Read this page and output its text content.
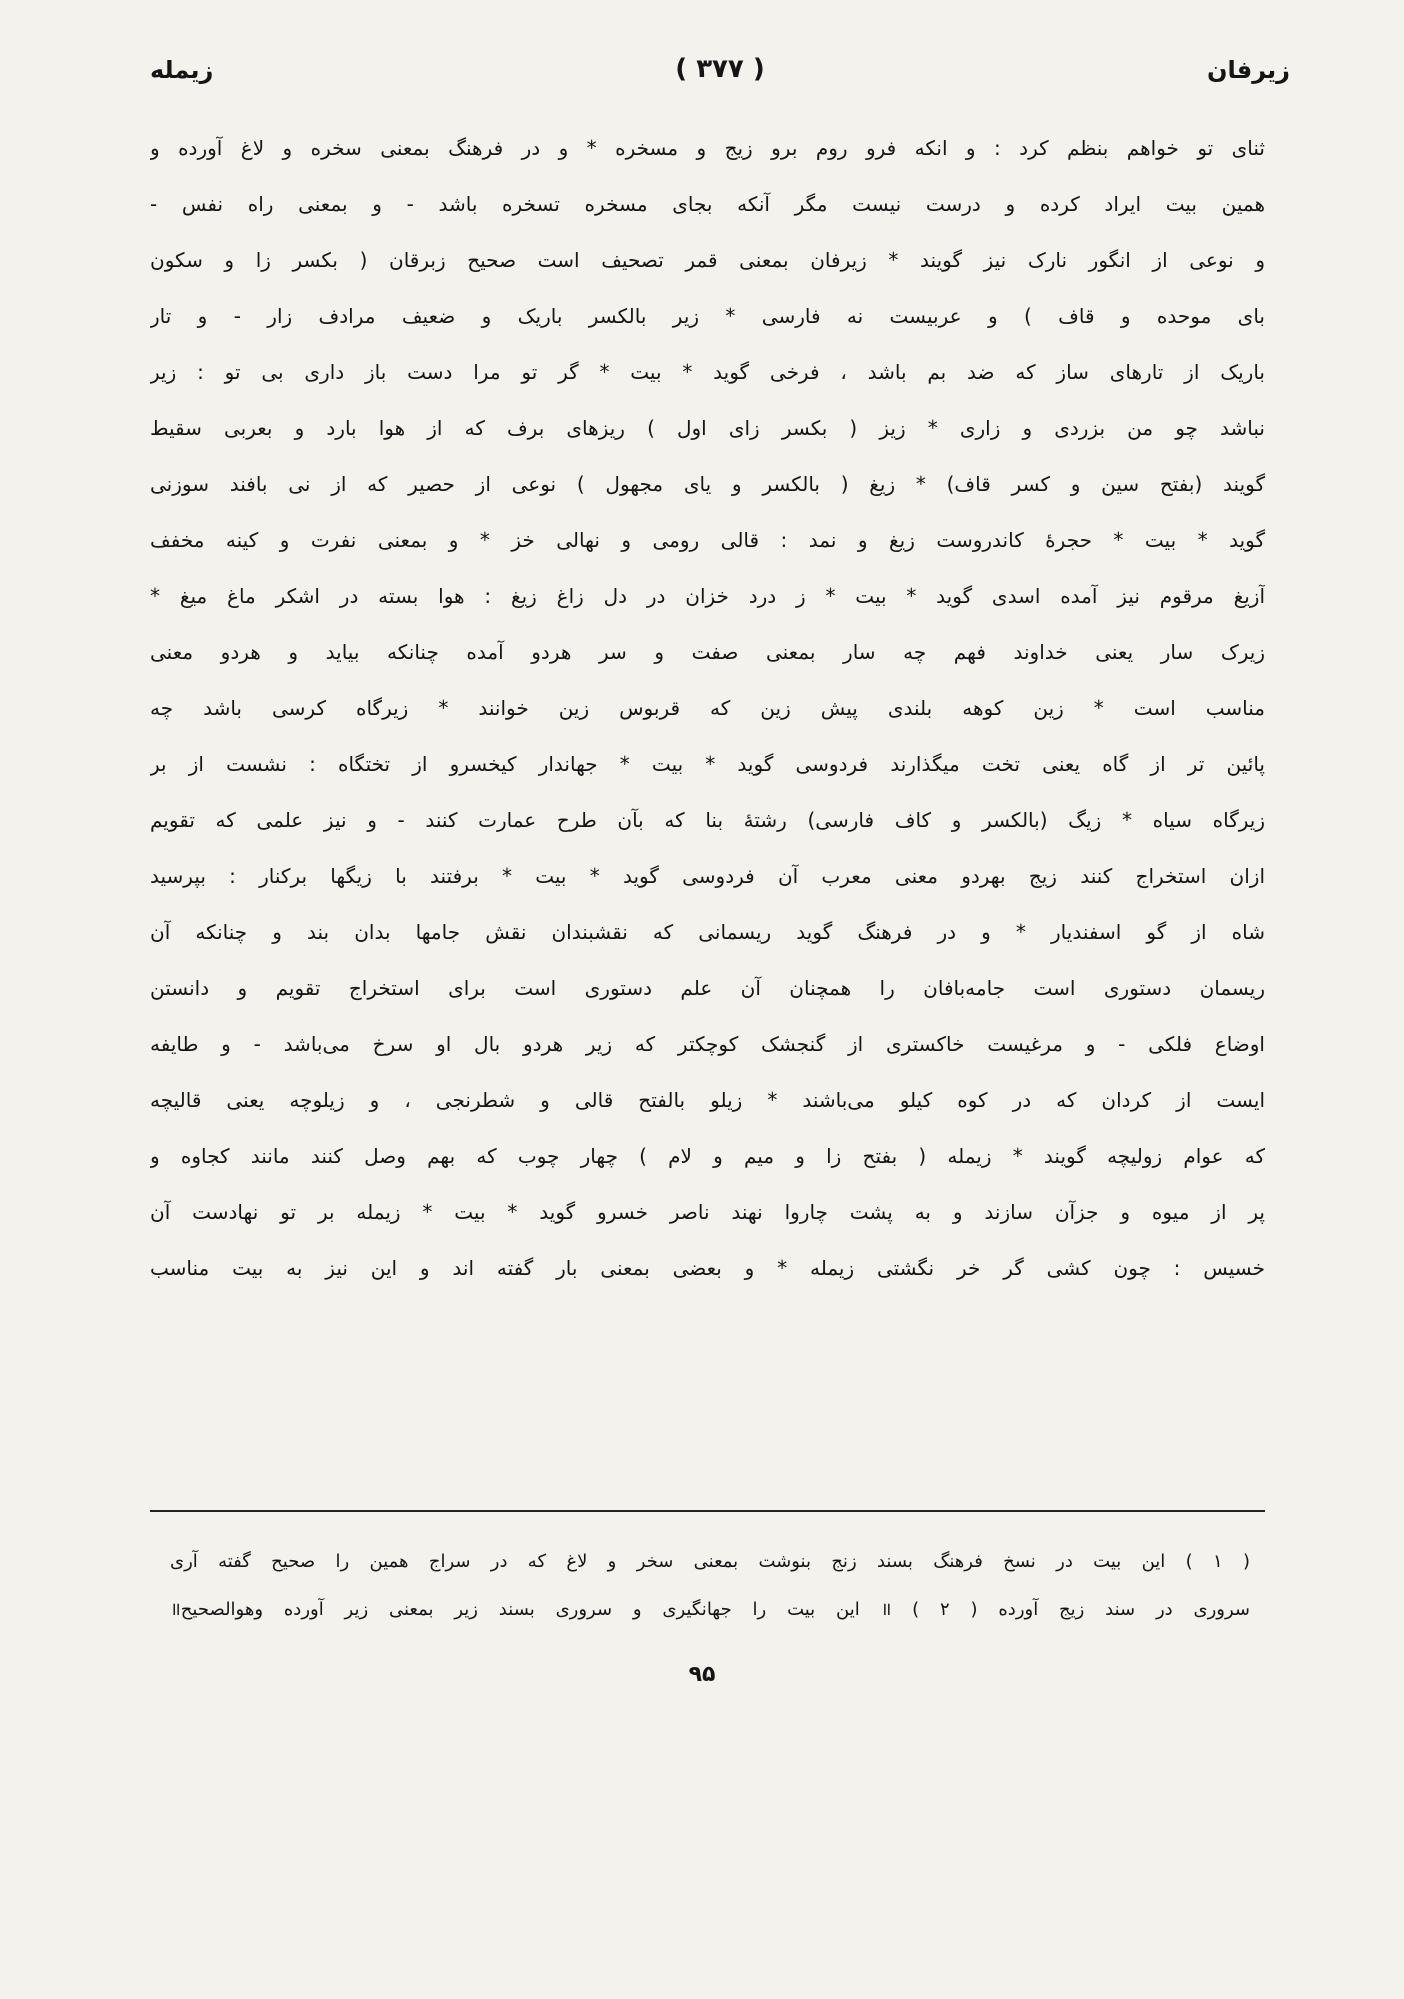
زیرفان
( ۳۷۷ )
زیمله
ثنای تو خواهم بنظم کرد : و انکه فرو روم برو زیج و مسخره * و در فرهنگ بمعنی سخره و لاغ آورده و
همین بیت ایراد کرده و درست نیست مگر آنکه بجای مسخره تسخره باشد - و بمعنی راه نفس -
و نوعی از انگور نارک نیز گویند * زیرفان بمعنی قمر تصحیف است صحیح زبرقان ( بکسر زا و سکون
بای موحده و قاف ) و عربیست نه فارسی * زیر بالکسر باریک و ضعیف مرادف زار - و تار
باریک از تارهای ساز که ضد بم باشد ، فرخی گوید * بیت * گر تو مرا دست باز داری بی تو : زیر
نباشد چو من بزردی و زاری * زیز ( بکسر زای اول ) ریزهای برف که از هوا بارد و بعربی سقیط
گویند (بفتح سین و کسر قاف) * زیغ ( بالکسر و یای مجهول ) نوعی از حصیر که از نی بافند سوزنی
گوید * بیت * حجرۀ کاندروست زیغ و نمد : قالی رومی و نهالی خز * و بمعنی نفرت و کینه مخفف
آزیغ مرقوم نیز آمده اسدی گوید * بیت * ز درد خزان در دل زاغ زیغ : هوا بسته در اشکر ماغ میغ *
زیرک سار یعنی خداوند فهم چه سار بمعنی صفت و سر هردو آمده چنانکه بیاید و هردو معنی
مناسب است * زین کوهه بلندی پیش زین که قربوس زین خوانند * زیرگاه کرسی باشد چه
پائین تر از گاه یعنی تخت میگذارند فردوسی گوید * بیت * جهاندار کیخسرو از تختگاه : نشست از بر
زیرگاه سیاه * زیگ (بالکسر و کاف فارسی) رشتۀ بنا که بآن طرح عمارت کنند - و نیز علمی که تقویم
ازان استخراج کنند زیج بهردو معنی معرب آن فردوسی گوید * بیت * برفتند با زیگها برکنار : بپرسید
شاه از گو اسفندیار * و در فرهنگ گوید ریسمانی که نقشبندان نقش جامها بدان بند و چنانکه آن
ریسمان دستوری است جامه‌بافان را همچنان آن علم دستوری است برای استخراج تقویم و دانستن
اوضاع فلکی - و مرغیست خاکستری از گنجشک کوچکتر که زیر هردو بال او سرخ می‌باشد - و طایفه
ایست از کردان که در کوه کیلو می‌باشند * زیلو بالفتح قالی و شطرنجی ، و زیلوچه یعنی قالیچه
که عوام زولیچه گویند * زیمله ( بفتح زا و میم و لام ) چهار چوب که بهم وصل کنند مانند کجاوه و
پر از میوه و جزآن سازند و به پشت چاروا نهند ناصر خسرو گوید * بیت * زیمله بر تو نهادست آن
خسیس : چون کشی گر خر نگشتی زیمله * و بعضی بمعنی بار گفته اند و این نیز به بیت مناسب
( ۱ ) این بیت در نسخ فرهنگ بسند زنج بنوشت بمعنی سخر و لاغ که در سراج همین را صحیح گفته آری
سروری در سند زیج آورده ॥ ( ۲ ) این بیت را جهانگیری و سروری بسند زیر بمعنی زیر آورده وهوالصحیح॥
۹۵
